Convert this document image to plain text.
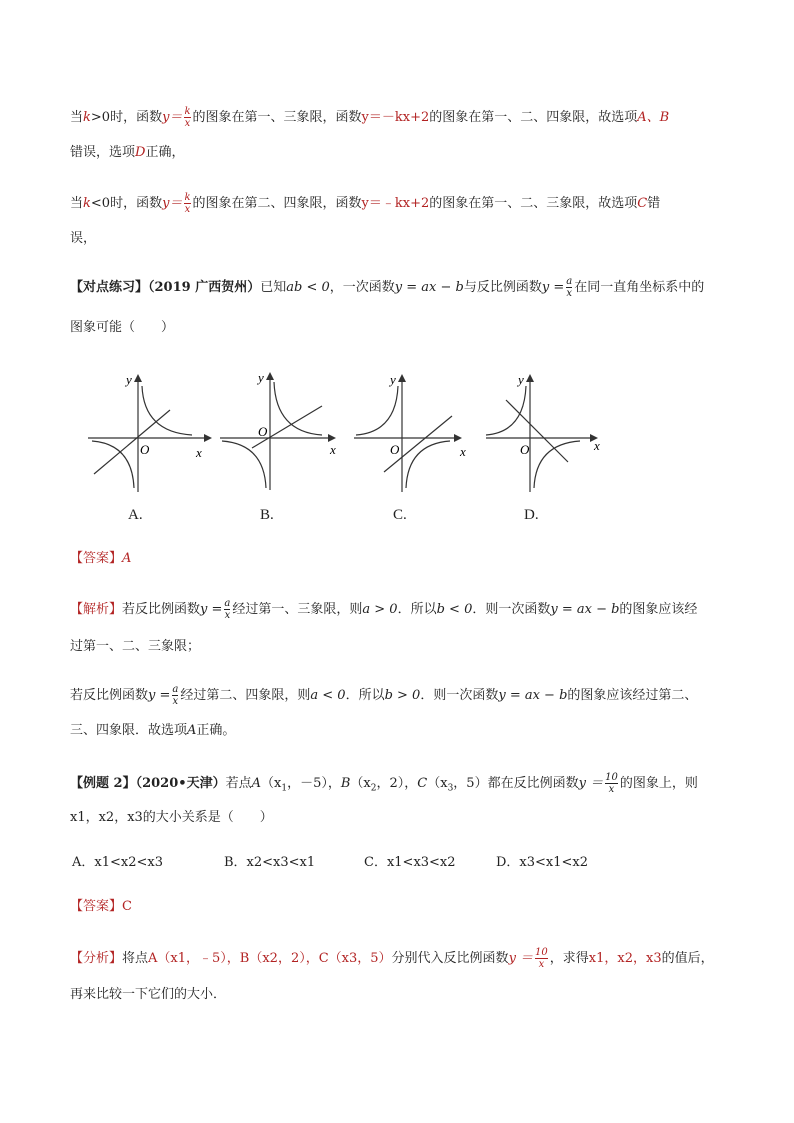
当k>0时，函数$y= \frac{k}{x}$ 的图象在第一、三象限，函数y＝－kx+2的图象在第一、二、四象限，故选项A、B
错误，选项D正确，
当k<0时，函数$y= \frac{k}{x}$ 的图象在第二、四象限，函数y＝﹣kx+2的图象在第一、二、三象限，故选项C错
误，
【对点练习】（2019 广西贺州）已知ab < 0，一次函数y = ax − b与反比例函数$y = \frac{a}{x}$ 在同一直角坐标系中的
图象可能（　　）
y
x
O
A.
y
x
O
B.
y
x
O
C.
y
x
O
D.
【答案】A
【解析】若反比例函数$y = \frac{a}{x}$ 经过第一、三象限，则a > 0．所以b < 0．则一次函数y = ax − b的图象应该经
过第一、二、三象限；
若反比例函数$y = \frac{a}{x}$ 经过第二、四象限，则a < 0．所以b > 0．则一次函数y = ax − b的图象应该经过第二、
三、四象限．故选项A正确。
【例题 2】（2020•天津）若点$A(x_1$，－5），$B(x_2$，2），$C(x_3$，5）都在反比例函数$y = \frac{10}{x}$ 的图象上，则
x1，x2，x3的大小关系是（　　）
A．x1<x2<x3	B．x2<x3<x1	C．x1<x3<x2	D．x3<x1<x2
【答案】C
【分析】将点A（x1，﹣5），B（x2，2），C（x3，5）分别代入反比例函数$y = \frac{10}{x}$ ，求得x1，x2，x3的值后，
再来比较一下它们的大小．
